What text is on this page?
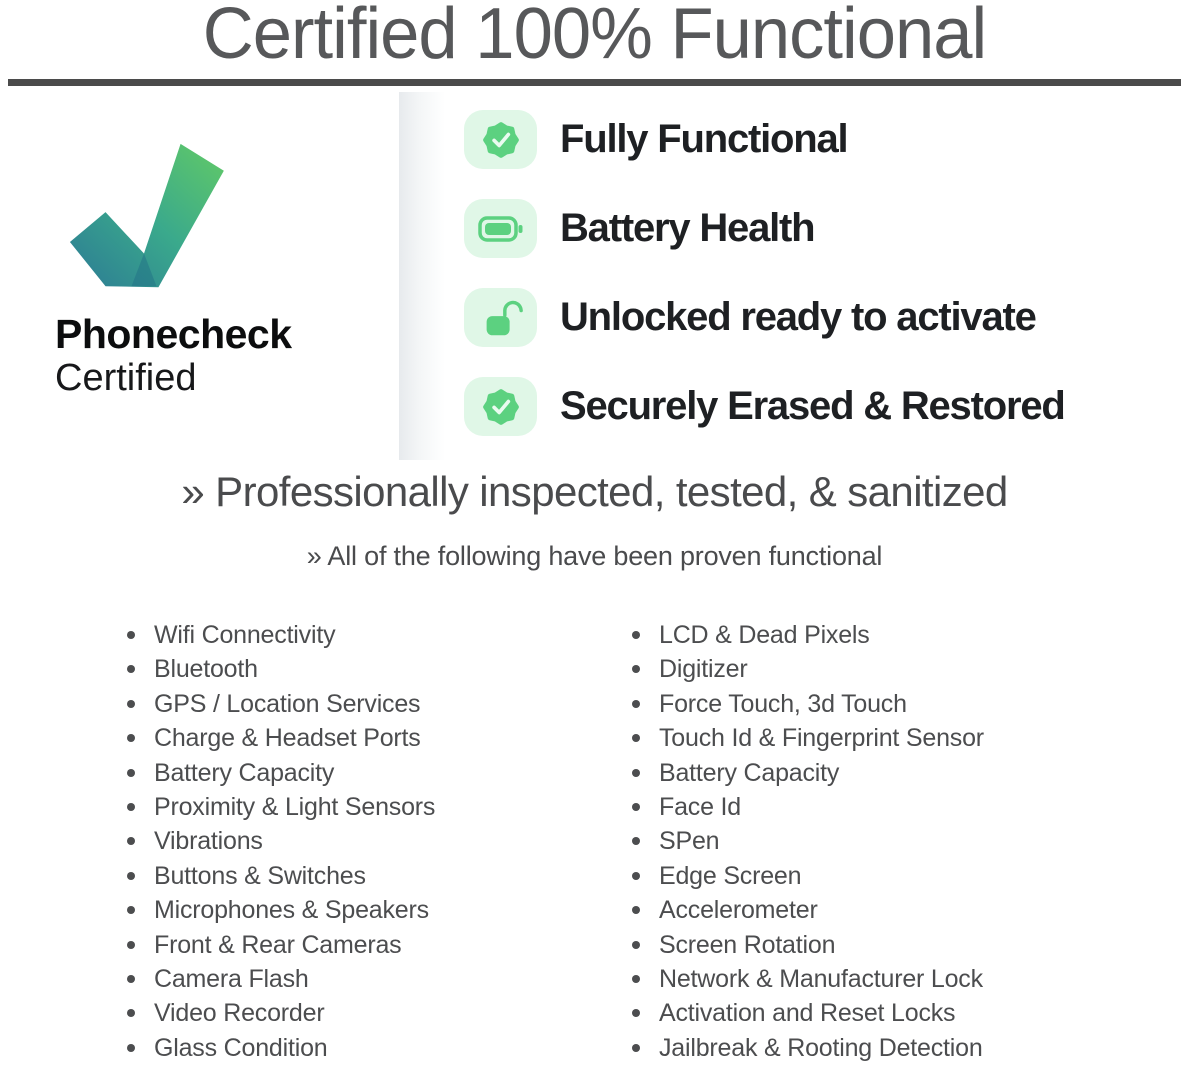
Certified 100% Functional
Phonecheck
Certified
Fully Functional
Battery Health
Unlocked ready to activate
Securely Erased & Restored
» Professionally inspected, tested, & sanitized
» All of the following have been proven functional
Wifi Connectivity
Bluetooth
GPS / Location Services
Charge & Headset Ports
Battery Capacity
Proximity & Light Sensors
Vibrations
Buttons & Switches
Microphones & Speakers
Front & Rear Cameras
Camera Flash
Video Recorder
Glass Condition
LCD & Dead Pixels
Digitizer
Force Touch, 3d Touch
Touch Id & Fingerprint Sensor
Battery Capacity
Face Id
SPen
Edge Screen
Accelerometer
Screen Rotation
Network & Manufacturer Lock
Activation and Reset Locks
Jailbreak & Rooting Detection
